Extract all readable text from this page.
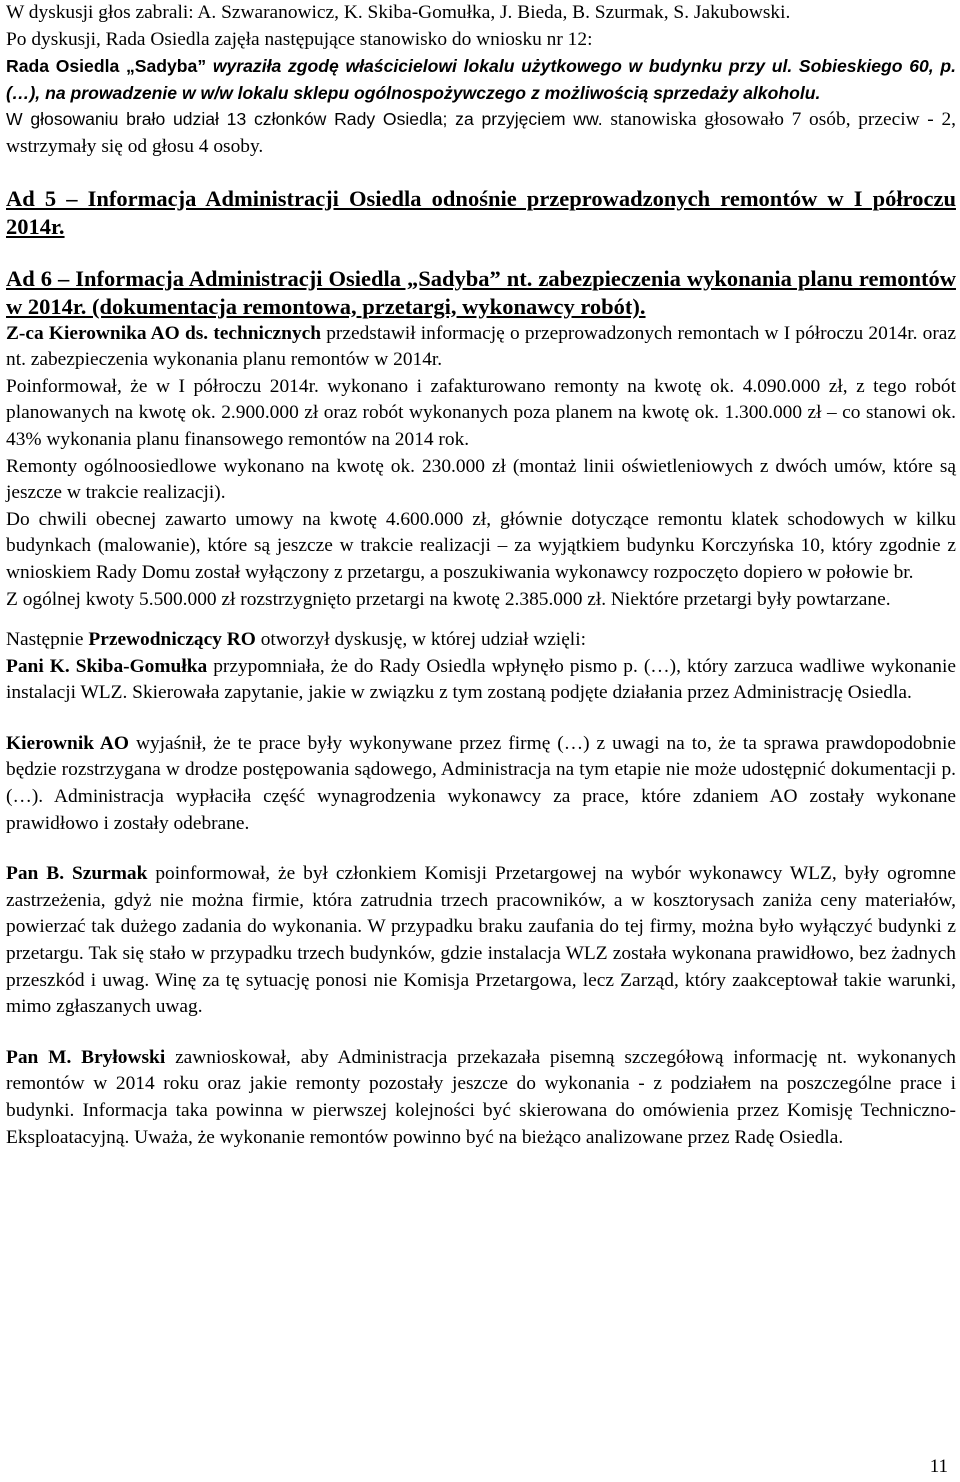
W dyskusji głos zabrali: A. Szwaranowicz, K. Skiba-Gomułka, J. Bieda, B. Szurmak, S. Jakubowski.
Po dyskusji, Rada Osiedla zajęła następujące stanowisko do wniosku nr 12:

Rada Osiedla „Sadyba” wyraziła zgodę właścicielowi lokalu użytkowego w budynku przy ul. Sobieskiego 60, p. (…), na prowadzenie w w/w lokalu sklepu ogólnospożywczego z możliwością sprzedaży alkoholu.

W głosowaniu brało udział 13 członków Rady Osiedla; za przyjęciem ww. stanowiska głosowało 7 osób, przeciw - 2, wstrzymały się od głosu 4 osoby.

Ad 5 – Informacja Administracji Osiedla odnośnie przeprowadzonych remontów w I półroczu 2014r.

Ad 6 – Informacja Administracji Osiedla „Sadyba” nt. zabezpieczenia wykonania planu remontów w 2014r. (dokumentacja remontowa, przetargi, wykonawcy robót).

Z-ca Kierownika AO ds. technicznych przedstawił informację o przeprowadzonych remontach w I półroczu 2014r. oraz nt. zabezpieczenia wykonania planu remontów w 2014r.

Poinformował, że w I półroczu 2014r. wykonano i zafakturowano remonty na kwotę ok. 4.090.000 zł, z tego robót planowanych na kwotę ok. 2.900.000 zł oraz robót wykonanych poza planem na kwotę ok. 1.300.000 zł – co stanowi ok. 43% wykonania planu finansowego remontów na 2014 rok.

Remonty ogólnoosiedlowe wykonano na kwotę ok. 230.000 zł (montaż linii oświetleniowych z dwóch umów, które są jeszcze w trakcie realizacji).

Do chwili obecnej zawarto umowy na kwotę 4.600.000 zł, głównie dotyczące remontu klatek schodowych w kilku budynkach (malowanie), które są jeszcze w trakcie realizacji – za wyjątkiem budynku Korczyńska 10, który zgodnie z wnioskiem Rady Domu został wyłączony z przetargu, a poszukiwania wykonawcy rozpoczęto dopiero w połowie br.

Z ogólnej kwoty 5.500.000 zł rozstrzygnięto przetargi na kwotę 2.385.000 zł. Niektóre przetargi były powtarzane.

Następnie Przewodniczący RO otworzył dyskusję, w której udział wzięli:

Pani K. Skiba-Gomułka przypomniała, że do Rady Osiedla wpłynęło pismo p. (…), który zarzuca wadliwe wykonanie instalacji WLZ. Skierowała zapytanie, jakie w związku z tym zostaną podjęte działania przez Administrację Osiedla.

Kierownik AO wyjaśnił, że te prace były wykonywane przez firmę (…) z uwagi na to, że ta sprawa prawdopodobnie będzie rozstrzygana w drodze postępowania sądowego, Administracja na tym etapie nie może udostępnić dokumentacji p. (…). Administracja wypłaciła część wynagrodzenia wykonawcy za prace, które zdaniem AO zostały wykonane prawidłowo i zostały odebrane.

Pan B. Szurmak poinformował, że był członkiem Komisji Przetargowej na wybór wykonawcy WLZ, były ogromne zastrzeżenia, gdyż nie można firmie, która zatrudnia trzech pracowników, a w kosztorysach zaniża ceny materiałów, powierzać tak dużego zadania do wykonania. W przypadku braku zaufania do tej firmy, można było wyłączyć budynki z przetargu. Tak się stało w przypadku trzech budynków, gdzie instalacja WLZ została wykonana prawidłowo, bez żadnych przeszkód i uwag. Winę za tę sytuację ponosi nie Komisja Przetargowa, lecz Zarząd, który zaakceptował takie warunki, mimo zgłaszanych uwag.

Pan M. Bryłowski zawnioskował, aby Administracja przekazała pisemną szczegółową informację nt. wykonanych remontów w 2014 roku oraz jakie remonty pozostały jeszcze do wykonania - z podziałem na poszczególne prace i budynki. Informacja taka powinna w pierwszej kolejności być skierowana do omówienia przez Komisję Techniczno-Eksploatacyjną. Uważa, że wykonanie remontów powinno być na bieżąco analizowane przez Radę Osiedla.

11
